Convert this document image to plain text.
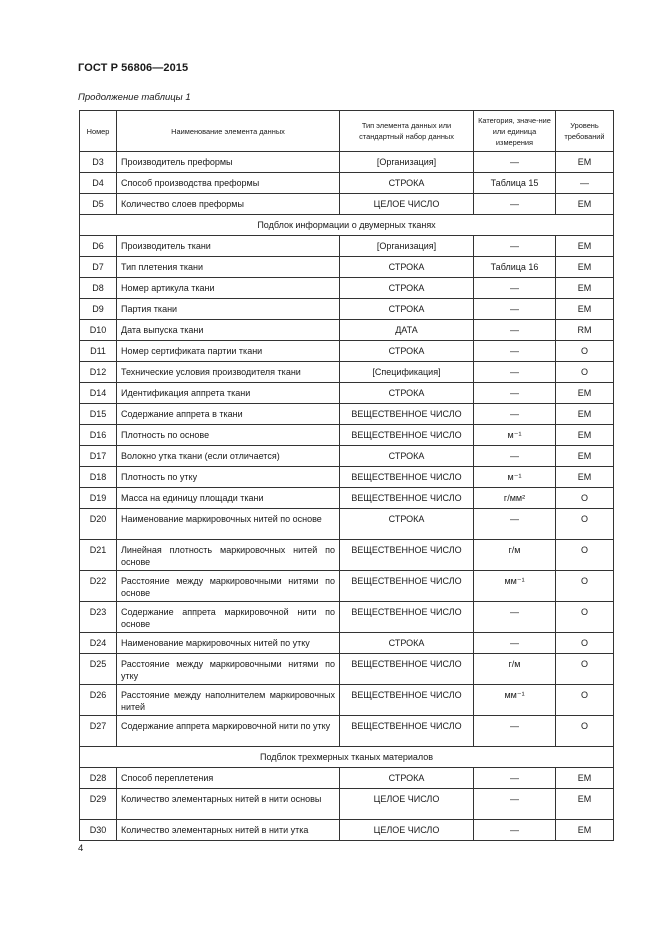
ГОСТ Р 56806—2015
Продолжение таблицы 1
Номер	Наименование элемента данных	Тип элемента данных или стандартный набор данных	Категория, значе-ние или единица измерения	Уровень требований
D3	Производитель преформы	[Организация]	—	EM
D4	Способ производства преформы	СТРОКА	Таблица 15	—
D5	Количество слоев преформы	ЦЕЛОЕ ЧИСЛО	—	EM
Подблок информации о двумерных тканях				
D6	Производитель ткани	[Организация]	—	EM
D7	Тип плетения ткани	СТРОКА	Таблица 16	EM
D8	Номер артикула ткани	СТРОКА	—	EM
D9	Партия ткани	СТРОКА	—	EM
D10	Дата выпуска ткани	ДАТА	—	RM
D11	Номер сертификата партии ткани	СТРОКА	—	O
D12	Технические условия производителя ткани	[Спецификация]	—	O
D14	Идентификация аппрета ткани	СТРОКА	—	EM
D15	Содержание аппрета в ткани	ВЕЩЕСТВЕННОЕ ЧИСЛО	—	EM
D16	Плотность по основе	ВЕЩЕСТВЕННОЕ ЧИСЛО	м⁻¹	EM
D17	Волокно утка ткани (если отличается)	СТРОКА	—	EM
D18	Плотность по утку	ВЕЩЕСТВЕННОЕ ЧИСЛО	м⁻¹	EM
D19	Масса на единицу площади ткани	ВЕЩЕСТВЕННОЕ ЧИСЛО	г/мм²	O
D20	Наименование маркировочных нитей по основе	СТРОКА	—	O
D21	Линейная плотность маркировочных нитей по основе	ВЕЩЕСТВЕННОЕ ЧИСЛО	г/м	O
D22	Расстояние между маркировочными нитями по основе	ВЕЩЕСТВЕННОЕ ЧИСЛО	мм⁻¹	O
D23	Содержание аппрета маркировочной нити по основе	ВЕЩЕСТВЕННОЕ ЧИСЛО	—	O
D24	Наименование маркировочных нитей по утку	СТРОКА	—	O
D25	Расстояние между маркировочными нитями по утку	ВЕЩЕСТВЕННОЕ ЧИСЛО	г/м	O
D26	Расстояние между наполнителем маркировочных нитей	ВЕЩЕСТВЕННОЕ ЧИСЛО	мм⁻¹	O
D27	Содержание аппрета маркировочной нити по утку	ВЕЩЕСТВЕННОЕ ЧИСЛО	—	O
Подблок трехмерных тканых материалов				
D28	Способ переплетения	СТРОКА	—	EM
D29	Количество элементарных нитей в нити основы	ЦЕЛОЕ ЧИСЛО	—	EM
D30	Количество элементарных нитей в нити утка	ЦЕЛОЕ ЧИСЛО	—	EM
4
